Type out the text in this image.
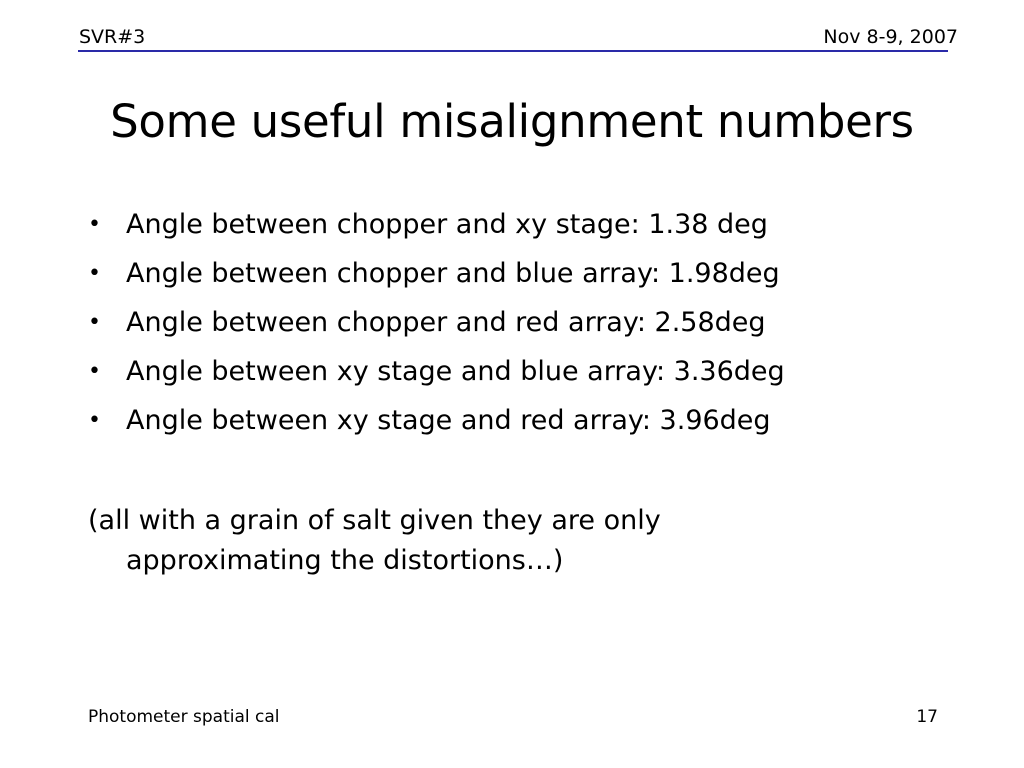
SVR#3	Nov 8-9, 2007
Some useful misalignment numbers
• Angle between chopper and xy stage: 1.38 deg
• Angle between chopper and blue array: 1.98deg
• Angle between chopper and red array: 2.58deg
• Angle between xy stage and blue array: 3.36deg
• Angle between xy stage and red array: 3.96deg
(all with a grain of salt given they are only
approximating the distortions…)
Photometer spatial cal	17
